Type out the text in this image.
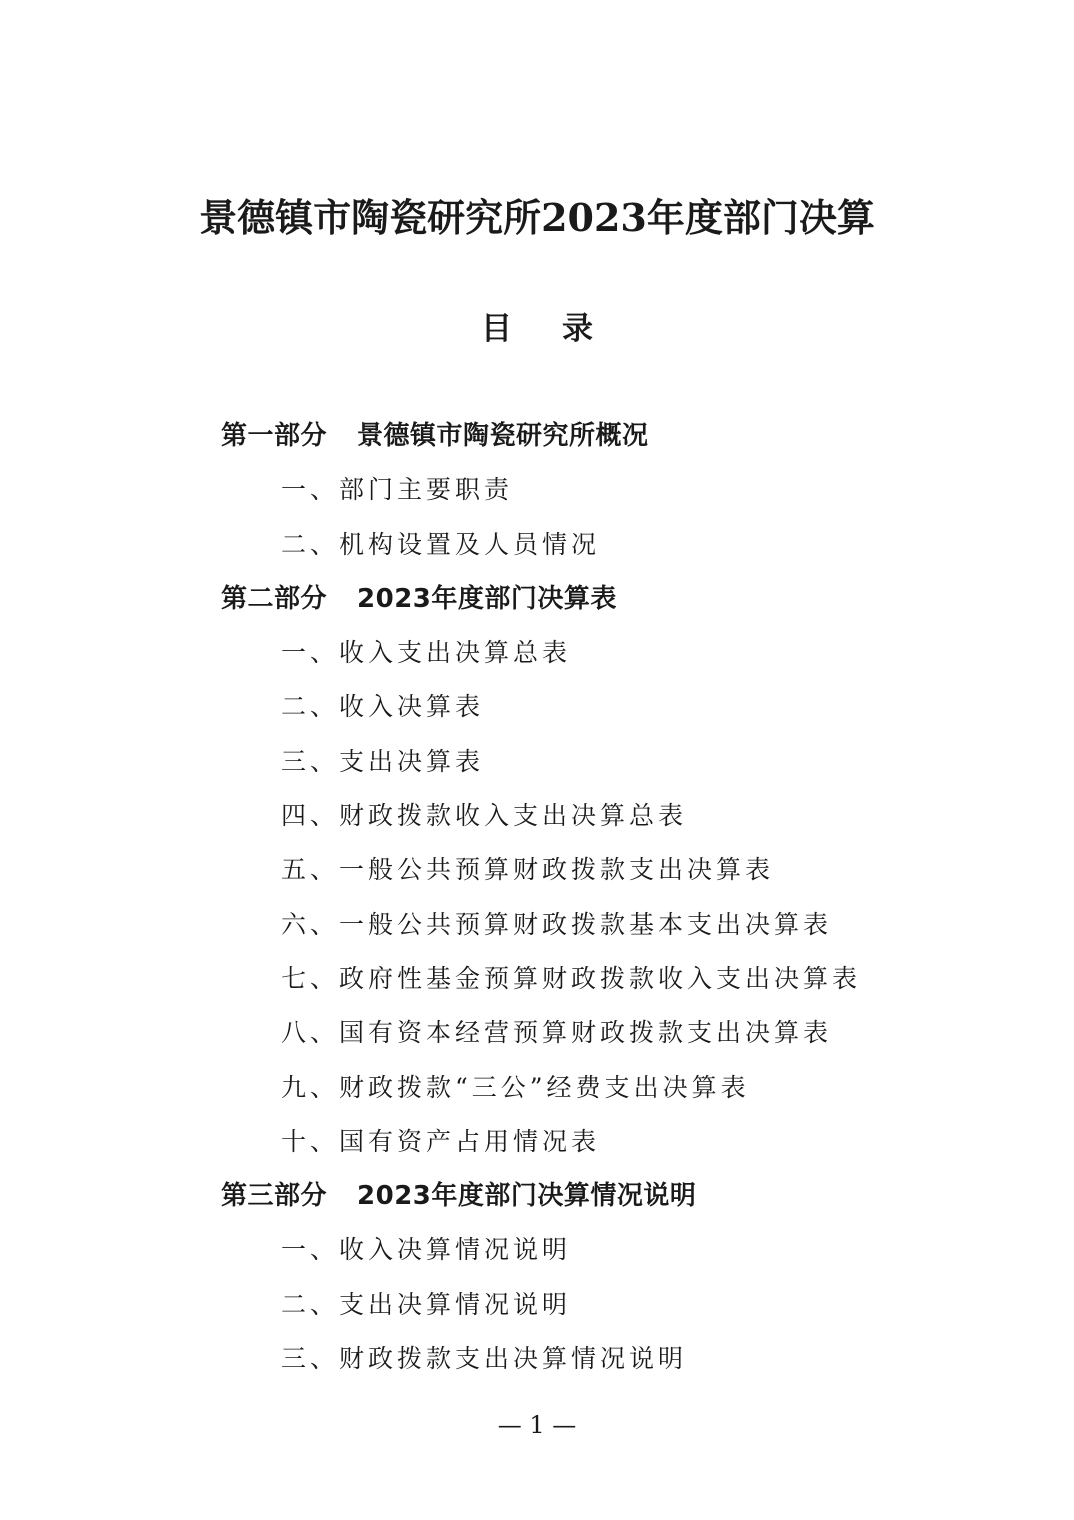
景德镇市陶瓷研究所2023年度部门决算
目录
第一部分 景德镇市陶瓷研究所概况
一、部门主要职责
二、机构设置及人员情况
第二部分 2023年度部门决算表
一、收入支出决算总表
二、收入决算表
三、支出决算表
四、财政拨款收入支出决算总表
五、一般公共预算财政拨款支出决算表
六、一般公共预算财政拨款基本支出决算表
七、政府性基金预算财政拨款收入支出决算表
八、国有资本经营预算财政拨款支出决算表
九、财政拨款“三公”经费支出决算表
十、国有资产占用情况表
第三部分 2023年度部门决算情况说明
一、收入决算情况说明
二、支出决算情况说明
三、财政拨款支出决算情况说明
— 1 —
